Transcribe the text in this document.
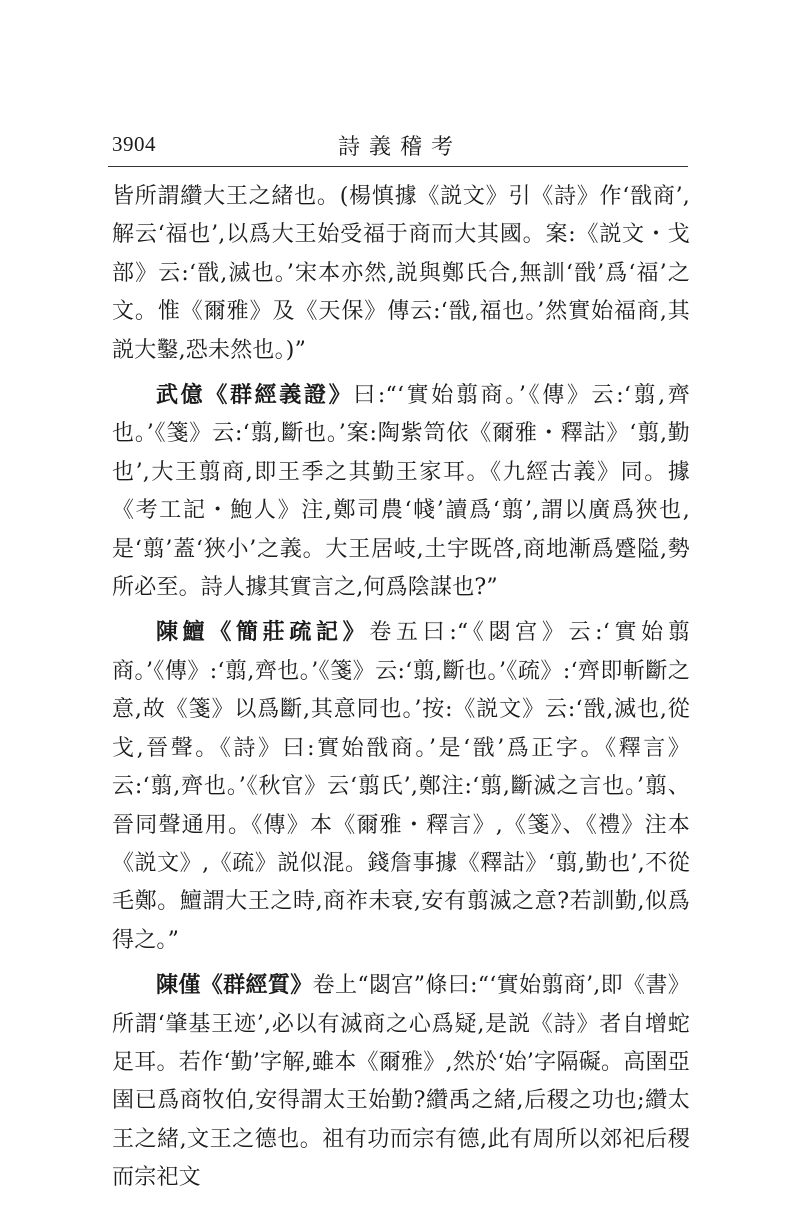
3904	詩義稽考

皆所謂纘大王之緒也。(楊慎據《説文》引《詩》作‘戩商’,解云‘福也’,以爲大王始受福于商而大其國。案:《説文・戈部》云:‘戩,滅也。’宋本亦然,説與鄭氏合,無訓‘戩’爲‘福’之文。惟《爾雅》及《天保》傳云:‘戩,福也。’然實始福商,其説大鑿,恐未然也。)”

武億《群經義證》曰:“‘實始翦商。’《傳》云:‘翦,齊也。’《箋》云:‘翦,斷也。’案:陶紫笥依《爾雅・釋詁》‘翦,勤也’,大王翦商,即王季之其勤王家耳。《九經古義》同。據《考工記・鮑人》注,鄭司農‘帴’讀爲‘翦’,謂以廣爲狹也,是‘翦’蓋‘狹小’之義。大王居岐,土宇既啓,商地漸爲蹙隘,勢所必至。詩人據其實言之,何爲陰謀也?”

陳鱣《簡莊疏記》卷五曰:“《閟宫》云:‘實始翦商。’《傳》:‘翦,齊也。’《箋》云:‘翦,斷也。’《疏》:‘齊即斬斷之意,故《箋》以爲斷,其意同也。’按:《説文》云:‘戩,滅也,從戈,晉聲。《詩》曰:實始戩商。’是‘戩’爲正字。《釋言》云:‘翦,齊也。’《秋官》云‘翦氏’,鄭注:‘翦,斷滅之言也。’翦、晉同聲通用。《傳》本《爾雅・釋言》,《箋》、《禮》注本《説文》,《疏》説似混。錢詹事據《釋詁》‘翦,勤也’,不從毛鄭。鱣謂大王之時,商祚未衰,安有翦滅之意?若訓勤,似爲得之。”

陳僅《群經質》卷上“閟宫”條曰:“‘實始翦商’,即《書》所謂‘肇基王迹’,必以有滅商之心爲疑,是説《詩》者自增蛇足耳。若作‘勤’字解,雖本《爾雅》,然於‘始’字隔礙。高圉亞圉已爲商牧伯,安得謂太王始勤?纘禹之緒,后稷之功也;纘太王之緒,文王之德也。祖有功而宗有德,此有周所以郊祀后稷而宗祀文
